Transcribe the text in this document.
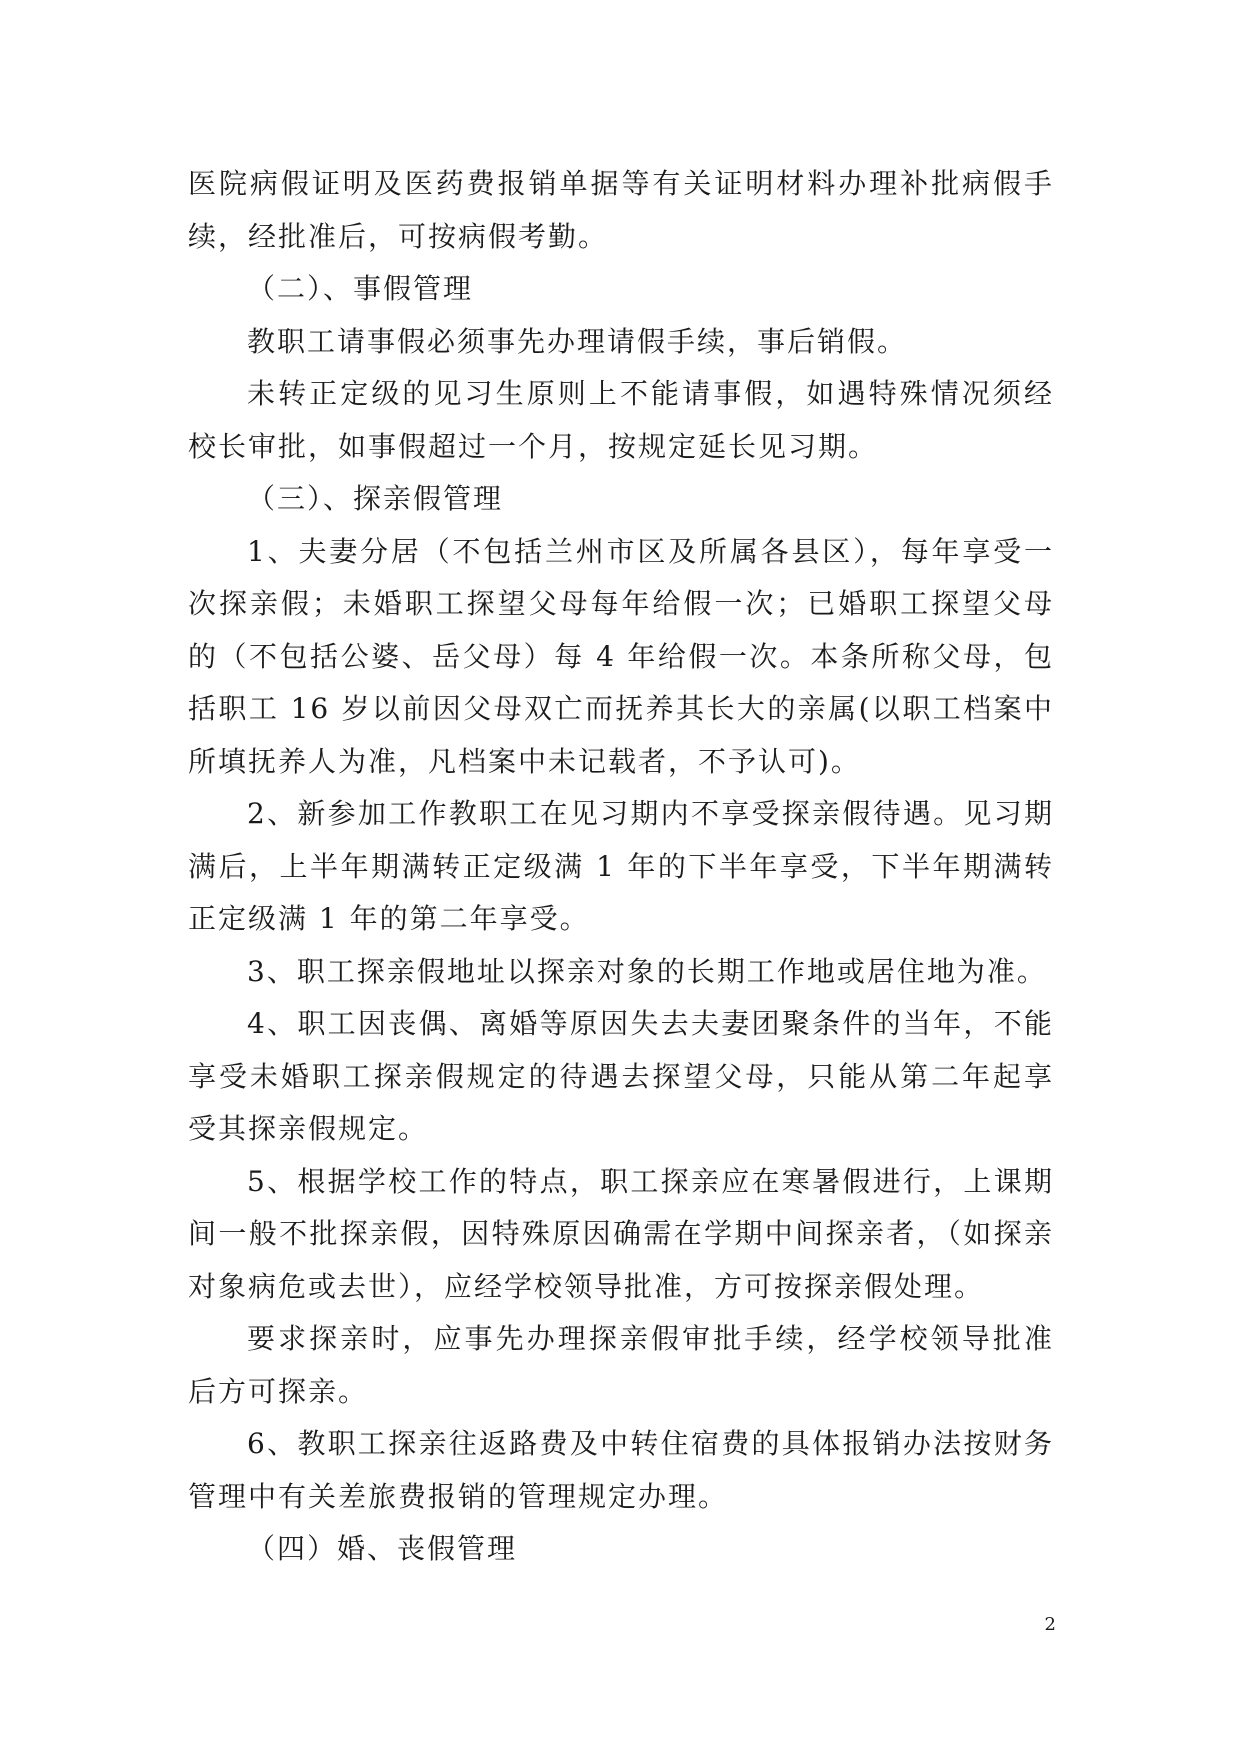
医院病假证明及医药费报销单据等有关证明材料办理补批病假手续，经批准后，可按病假考勤。

（二）、事假管理

教职工请事假必须事先办理请假手续，事后销假。

未转正定级的见习生原则上不能请事假，如遇特殊情况须经校长审批，如事假超过一个月，按规定延长见习期。

（三）、探亲假管理

1、夫妻分居（不包括兰州市区及所属各县区），每年享受一次探亲假；未婚职工探望父母每年给假一次；已婚职工探望父母的（不包括公婆、岳父母）每 4 年给假一次。本条所称父母，包括职工 16 岁以前因父母双亡而抚养其长大的亲属(以职工档案中所填抚养人为准，凡档案中未记载者，不予认可)。

2、新参加工作教职工在见习期内不享受探亲假待遇。见习期满后，上半年期满转正定级满 1 年的下半年享受，下半年期满转正定级满 1 年的第二年享受。

3、职工探亲假地址以探亲对象的长期工作地或居住地为准。

4、职工因丧偶、离婚等原因失去夫妻团聚条件的当年，不能享受未婚职工探亲假规定的待遇去探望父母，只能从第二年起享受其探亲假规定。

5、根据学校工作的特点，职工探亲应在寒暑假进行，上课期间一般不批探亲假，因特殊原因确需在学期中间探亲者，（如探亲对象病危或去世），应经学校领导批准，方可按探亲假处理。

要求探亲时，应事先办理探亲假审批手续，经学校领导批准后方可探亲。

6、教职工探亲往返路费及中转住宿费的具体报销办法按财务管理中有关差旅费报销的管理规定办理。

（四）婚、丧假管理

2
